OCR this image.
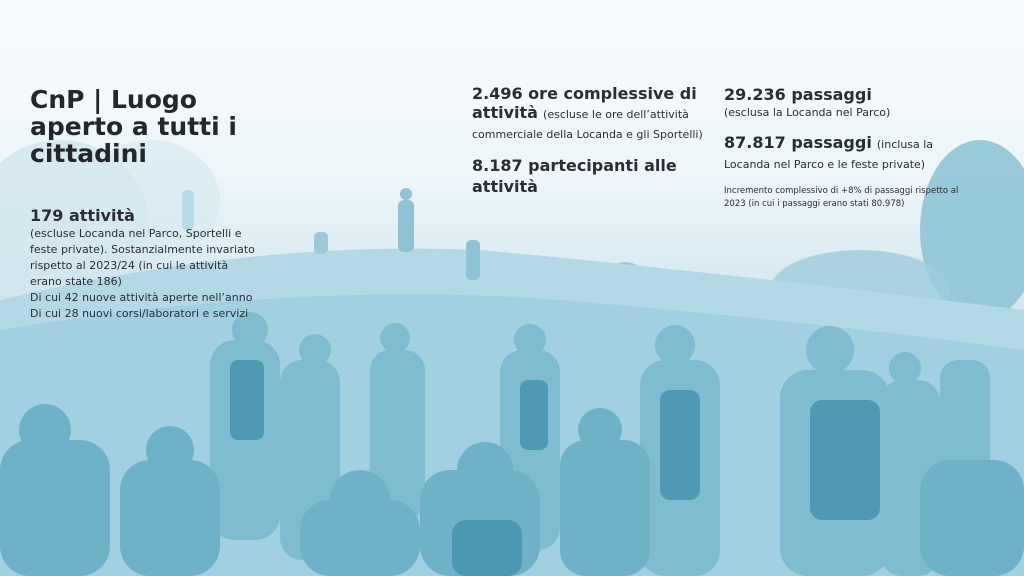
CnP | Luogo aperto a tutti i cittadini
179 attività
(escluse Locanda nel Parco, Sportelli e feste private). Sostanzialmente invariato rispetto al 2023/24 (in cui le attività erano state 186)
Di cui 42 nuove attività aperte nell’anno
Di cui 28 nuovi corsi/laboratori e servizi
2.496 ore complessive di attività (escluse le ore dell’attività commerciale della Locanda e gli Sportelli)
8.187 partecipanti alle attività
29.236 passaggi
(esclusa la Locanda nel Parco)
87.817 passaggi (inclusa la Locanda nel Parco e le feste private)
Incremento complessivo di +8% di passaggi rispetto al 2023 (in cui i passaggi erano stati 80.978)
